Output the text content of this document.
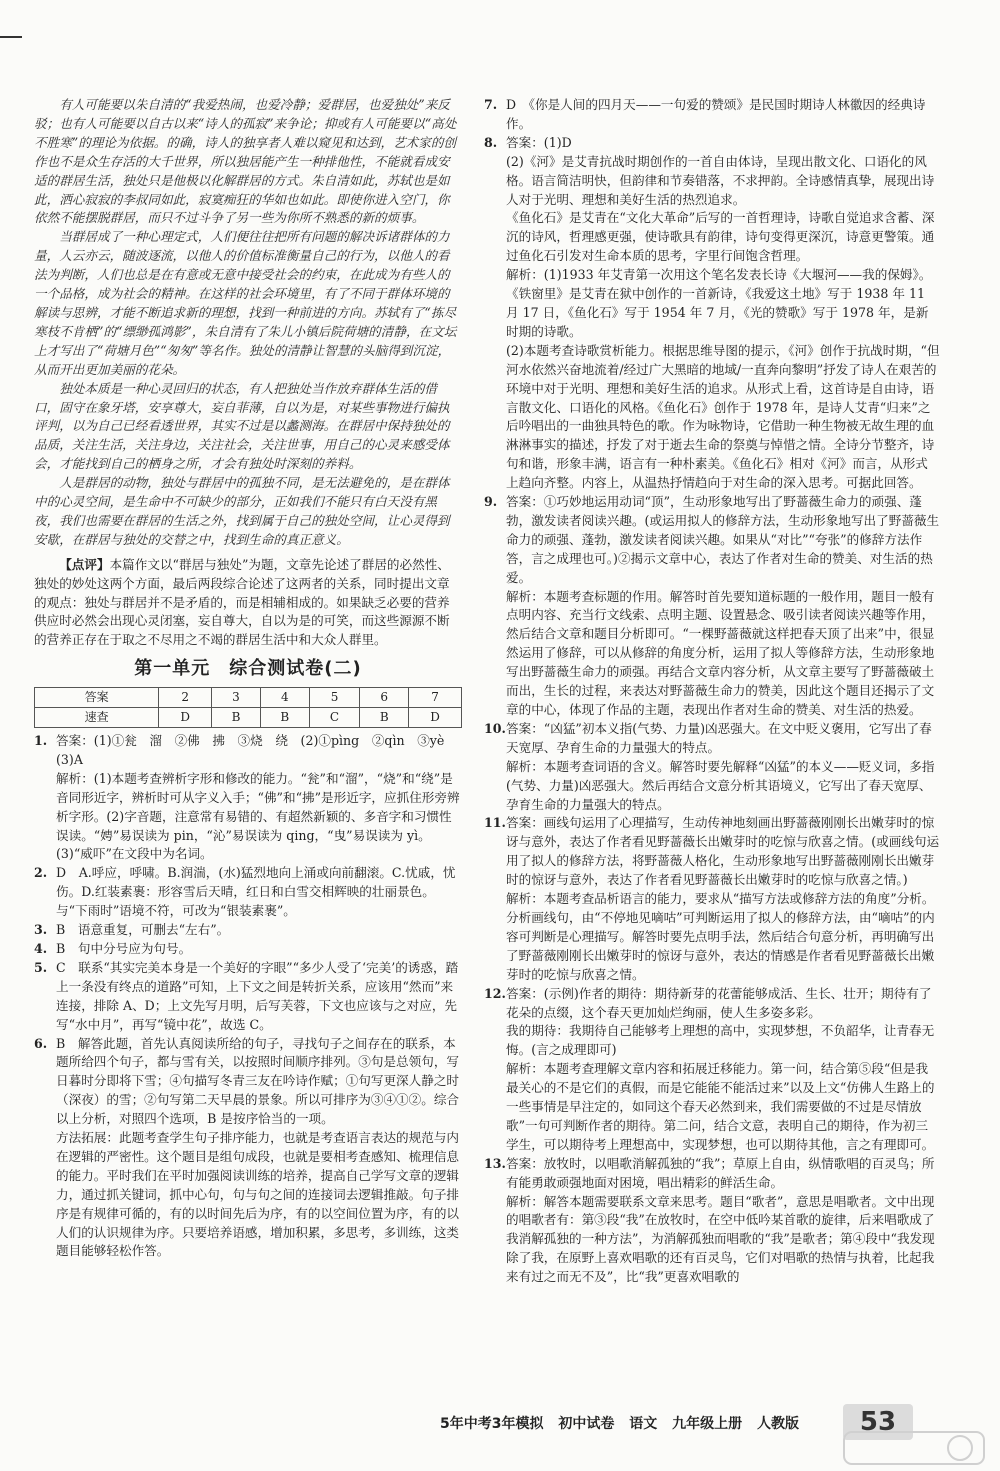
有人可能要以朱自清的“我爱热闹，也爱冷静；爱群居，也爱独处”来反驳；也有人可能要以自古以来“诗人的孤寂”来争论；抑或有人可能要以“高处不胜寒”的理论为依据。的确，诗人的独享者人难以窥见和达到，艺术家的创作也不是众生存活的大千世界，所以独居能产生一种排他性，不能就看成安适的群居生活，独处只是他极以化解群居的方式。朱自清如此，苏轼也是如此，洒心寂寂的李叔同如此，寂寞痴狂的华如也如此。即使你进入空门，你依然不能摆脱群居，而只不过斗争了另一些为你所不熟悉的新的烦事。

当群居成了一种心理定式，人们便往往把所有问题的解决诉诸群体的力量，人云亦云，随波逐流，以他人的价值标准衡量自己的行为，以他人的看法为判断，人们也总是在有意或无意中接受社会的约束，在此成为有些人的一个品格，成为社会的精神。在这样的社会环境里，有了不同于群体环境的解读与思辨，才能不断追求新的理想，找到一种前进的方向。苏轼有了“拣尽寒枝不肯栖”的“缥缈孤鸿影”，朱自清有了朱儿小镇后院荷塘的清静，在文坛上才写出了“荷塘月色”“匆匆”等名作。独处的清静让智慧的头脑得到沉淀，从而开出更加美丽的花朵。

独处本质是一种心灵回归的状态，有人把独处当作放弃群体生活的借口，固守在象牙塔，安享尊大，妄自菲薄，自以为是，对某些事物进行偏执评判，以为自己已经看透世界，其实不过是以蠡测海。在群居中保持独处的品质，关注生活，关注身边，关注社会，关注世事，用自己的心灵来感受体会，才能找到自己的栖身之所，才会有独处时深刻的养料。

人是群居的动物，独处与群居中的孤独不同，是无法避免的，是在群体中的心灵空间，是生命中不可缺少的部分，正如我们不能只有白天没有黑夜，我们也需要在群居的生活之外，找到属于自己的独处空间，让心灵得到安歇，在群居与独处的交替之中，找到生命的真正意义。

【点评】本篇作文以“群居与独处”为题，文章先论述了群居的必然性、独处的妙处这两个方面，最后两段综合论述了这两者的关系，同时提出文章的观点：独处与群居并不是矛盾的，而是相辅相成的。如果缺乏必要的营养供应时必然会出现心灵闭塞，妄自尊大，自以为是的可笑，而这些源源不断的营养正存在于取之不尽用之不竭的群居生活中和大众人群里。

第一单元　综合测试卷(二)
答案	2	3	4	5	6	7
速查	D	B	B	C	B	D
1. 答案：(1)①瓮　溜　②佛　拂　③烧　绕　(2)①pìng　②qìn　③yè
(3)A
解析：(1)本题考查辨析字形和修改的能力。“瓮”和“溜”，“烧”和“绕”是音同形近字，辨析时可从字义入手；“佛”和“拂”是形近字，应抓住形旁辨析字形。(2)字音题，注意常有易错的、有超然新颖的、多音字和习惯性误读。“娉”易误读为 pin，“沁”易误读为 qing，“曳”易误读为 yì。(3)“威吓”在文段中为名词。
2. D　A.呼应，呼啸。B.润湍，(水)猛烈地向上涌或向前翻滚。C.忧戚，忧伤。D.红装素裹：形容雪后天晴，红日和白雪交相辉映的壮丽景色。与“下雨时”语境不符，可改为“银装素裹”。
3. B　语意重复，可删去“左右”。
4. B　句中分号应为句号。
5. C　联系“其实完美本身是一个美好的字眼”“多少人受了‘完美’的诱惑，踏上一条没有终点的道路”可知，上下文之间是转折关系，应该用“然而”来连接，排除 A、D；上文先写月明，后写芙蓉，下文也应该与之对应，先写“水中月”，再写“镜中花”，故选 C。
6. B　解答此题，首先认真阅读所给的句子，寻找句子之间存在的联系，本题所给四个句子，都与雪有关，以按照时间顺序排列。③句是总领句，写日暮时分即将下雪；④句描写冬青三友在吟诗作赋；①句写更深人静之时（深夜）的雪；②句写第二天早晨的景象。所以可排序为③④①②。综合以上分析，对照四个选项，B 是按序恰当的一项。
方法拓展：此题考查学生句子排序能力，也就是考查语言表达的规范与内在逻辑的严密性。这个题目是组句成段，也就是要相考查感知、梳理信息的能力。平时我们在平时加强阅读训练的培养，提高自己学写文章的逻辑力，通过抓关键词，抓中心句，句与句之间的连接词去逻辑推敲。句子排序是有规律可循的，有的以时间先后为序，有的以空间位置为序，有的以人们的认识规律为序。只要培养语感，增加积累，多思考，多训练，这类题目能够轻松作答。
7. D　《你是人间的四月天——一句爱的赞颂》是民国时期诗人林徽因的经典诗作。
8. 答案：(1)D
(2)《河》是艾青抗战时期创作的一首自由体诗，呈现出散文化、口语化的风格。语言简洁明快，但韵律和节奏错落，不求押韵。全诗感情真挚，展现出诗人对于光明、理想和美好生活的热烈追求。
《鱼化石》是艾青在“文化大革命”后写的一首哲理诗，诗歌自觉追求含蓄、深沉的诗风，哲理感更强，使诗歌具有韵律，诗句变得更深沉，诗意更警策。通过鱼化石引发对生命本质的思考，字里行间饱含哲理。
解析：(1)1933 年艾青第一次用这个笔名发表长诗《大堰河——我的保姆》。《铁窗里》是艾青在狱中创作的一首新诗，《我爱这土地》写于 1938 年 11 月 17 日，《鱼化石》写于 1954 年 7 月，《光的赞歌》写于 1978 年，是新时期的诗歌。
(2)本题考查诗歌赏析能力。根据思维导图的提示，《河》创作于抗战时期，“但河水依然兴奋地流着/经过广大黑暗的地域/一直奔向黎明”抒发了诗人在艰苦的环境中对于光明、理想和美好生活的追求。从形式上看，这首诗是自由诗，语言散文化、口语化的风格。《鱼化石》创作于 1978 年，是诗人艾青“归来”之后吟唱出的一曲独具特色的歌。作为咏物诗，它借助一种生物被无故生理的血淋淋事实的描述，抒发了对于逝去生命的祭奠与悼惜之情。全诗分节整齐，诗句和谐，形象丰满，语言有一种朴素美。《鱼化石》相对《河》而言，从形式上趋向齐整。内容上，从温热抒情趋向于对生命的深入思考。可据此回答。
9. 答案：①巧妙地运用动词“顶”，生动形象地写出了野蔷薇生命力的顽强、蓬勃，激发读者阅读兴趣。(或运用拟人的修辞方法，生动形象地写出了野蔷薇生命力的顽强、蓬勃，激发读者阅读兴趣。如果从“对比”“夸张”的修辞方法作答，言之成理也可。)②揭示文章中心，表达了作者对生命的赞美、对生活的热爱。
解析：本题考查标题的作用。解答时首先要知道标题的一般作用，题目一般有点明内容、充当行文线索、点明主题、设置悬念、吸引读者阅读兴趣等作用，然后结合文章和题目分析即可。“一棵野蔷薇就这样把春天顶了出来”中，很显然运用了修辞，可以从修辞的角度分析，运用了拟人等修辞方法，生动形象地写出野蔷薇生命力的顽强。再结合文章内容分析，从文章主要写了野蔷薇破土而出，生长的过程，来表达对野蔷薇生命力的赞美，因此这个题目还揭示了文章的中心，体现了作品的主题，表现出作者对生命的赞美、对生活的热爱。
10.答案：“凶猛”初本义指(气势、力量)凶恶强大。在文中贬义褒用，它写出了春天宽厚、孕育生命的力量强大的特点。
解析：本题考查词语的含义。解答时要先解释“凶猛”的本义——贬义词，多指(气势、力量)凶恶强大。然后再结合文意分析其语境义，它写出了春天宽厚、孕育生命的力量强大的特点。
11.答案：画线句运用了心理描写，生动传神地刻画出野蔷薇刚刚长出嫩芽时的惊讶与意外，表达了作者看见野蔷薇长出嫩芽时的吃惊与欣喜之情。(或画线句运用了拟人的修辞方法，将野蔷薇人格化，生动形象地写出野蔷薇刚刚长出嫩芽时的惊讶与意外，表达了作者看见野蔷薇长出嫩芽时的吃惊与欣喜之情。)
解析：本题考查品析语言的能力，要求从“描写方法或修辞方法的角度”分析。分析画线句，由“不停地见嘀咕”可判断运用了拟人的修辞方法，由“嘀咕”的内容可判断是心理描写。解答时要先点明手法，然后结合句意分析，再明确写出了野蔷薇刚刚长出嫩芽时的惊讶与意外，表达的情感是作者看见野蔷薇长出嫩芽时的吃惊与欣喜之情。
12.答案：(示例)作者的期待：期待新芽的花蕾能够成活、生长、壮开；期待有了花朵的点缀，这个春天更加灿烂绚丽，使人生多姿多彩。
我的期待：我期待自己能够考上理想的高中，实现梦想，不负韶华，让青春无悔。(言之成理即可)
解析：本题考查理解文章内容和拓展迁移能力。第一问，结合第⑤段“但是我最关心的不是它们的真假，而是它能能不能活过来”以及上文“仿佛人生路上的一些事情是早注定的，如同这个春天必然到来，我们需要做的不过是尽情放歌”一句可判断作者的期待。第二问，结合文意，表明自己的期待，作为初三学生，可以期待考上理想高中，实现梦想，也可以期待其他，言之有理即可。
13.答案：放牧时，以唱歌消解孤独的“我”；草原上自由，纵情歌唱的百灵鸟；所有能勇敢顽强地面对困境，唱出精彩的鲜活生命。
解析：解答本题需要联系文章来思考。题目“歌者”，意思是唱歌者。文中出现的唱歌者有：第③段“我”在放牧时，在空中低吟某首歌的旋律，后来唱歌成了我消解孤独的一种方法”，为消解孤独而唱歌的“我”是歌者；第④段中“我发现除了我，在原野上喜欢唱歌的还有百灵鸟，它们对唱歌的热情与执着，比起我来有过之而无不及”，比“我”更喜欢唱歌的
5年中考3年模拟 初中试卷 语文 九年级上册 人教版	53
